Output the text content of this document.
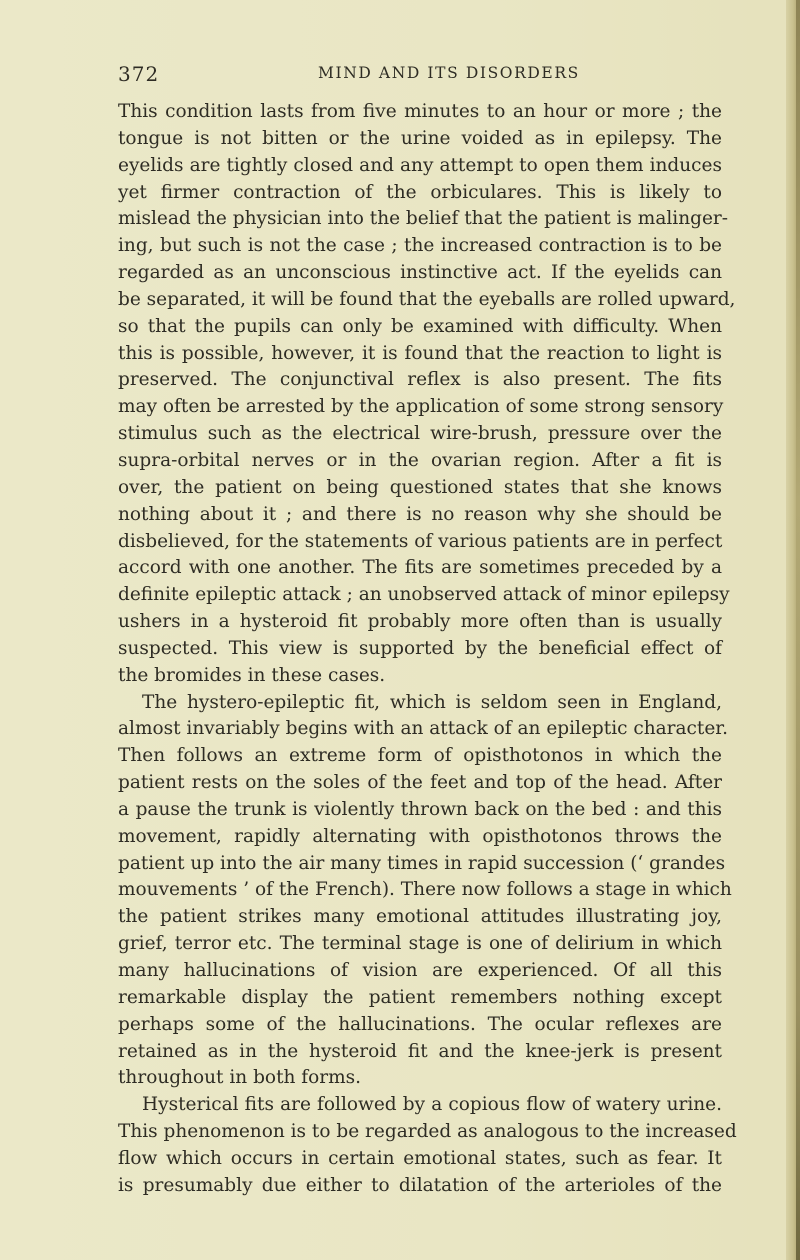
372	MIND AND ITS DISORDERS
This condition lasts from five minutes to an hour or more ; the
tongue is not bitten or the urine voided as in epilepsy. The
eyelids are tightly closed and any attempt to open them induces
yet firmer contraction of the orbiculares. This is likely to
mislead the physician into the belief that the patient is malinger-
ing, but such is not the case ; the increased contraction is to be
regarded as an unconscious instinctive act. If the eyelids can
be separated, it will be found that the eyeballs are rolled upward,
so that the pupils can only be examined with difficulty. When
this is possible, however, it is found that the reaction to light is
preserved. The conjunctival reflex is also present. The fits
may often be arrested by the application of some strong sensory
stimulus such as the electrical wire-brush, pressure over the
supra-orbital nerves or in the ovarian region. After a fit is
over, the patient on being questioned states that she knows
nothing about it ; and there is no reason why she should be
disbelieved, for the statements of various patients are in perfect
accord with one another. The fits are sometimes preceded by a
definite epileptic attack ; an unobserved attack of minor epilepsy
ushers in a hysteroid fit probably more often than is usually
suspected. This view is supported by the beneficial effect of
the bromides in these cases.
The hystero-epileptic fit, which is seldom seen in England,
almost invariably begins with an attack of an epileptic character.
Then follows an extreme form of opisthotonos in which the
patient rests on the soles of the feet and top of the head. After
a pause the trunk is violently thrown back on the bed : and this
movement, rapidly alternating with opisthotonos throws the
patient up into the air many times in rapid succession (‘ grandes
mouvements ’ of the French). There now follows a stage in which
the patient strikes many emotional attitudes illustrating joy,
grief, terror etc. The terminal stage is one of delirium in which
many hallucinations of vision are experienced. Of all this
remarkable display the patient remembers nothing except
perhaps some of the hallucinations. The ocular reflexes are
retained as in the hysteroid fit and the knee-jerk is present
throughout in both forms.
Hysterical fits are followed by a copious flow of watery urine.
This phenomenon is to be regarded as analogous to the increased
flow which occurs in certain emotional states, such as fear. It
is presumably due either to dilatation of the arterioles of the
